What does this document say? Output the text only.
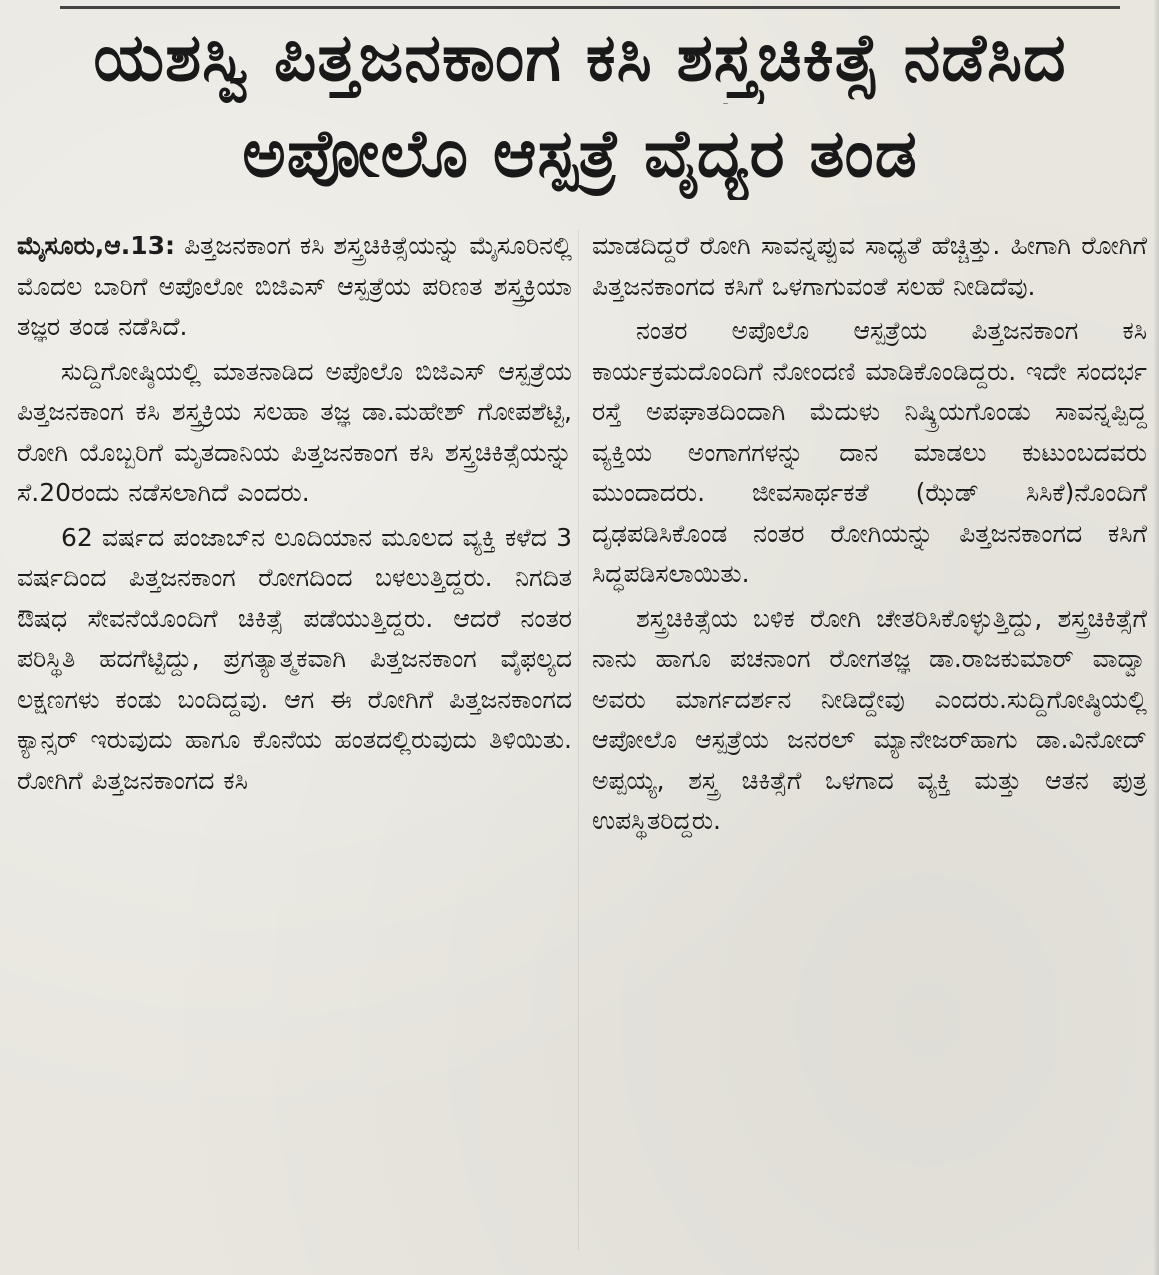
ಯಶಸ್ವಿ ಪಿತ್ತಜನಕಾಂಗ ಕಸಿ ಶಸ್ತ್ರಚಿಕಿತ್ಸೆ ನಡೆಸಿದ
ಅಪೋಲೊ ಆಸ್ಪತ್ರೆ ವೈದ್ಯರ ತಂಡ

ಮೈಸೂರು,ಆ.13: ಪಿತ್ತಜನಕಾಂಗ ಕಸಿ ಶಸ್ತ್ರಚಿಕಿತ್ಸೆಯನ್ನು ಮೈಸೂರಿನಲ್ಲಿ ಮೊದಲ ಬಾರಿಗೆ ಅಪೊಲೋ ಬಿಜಿಎಸ್ ಆಸ್ಪತ್ರೆಯ ಪರಿಣತ ಶಸ್ತ್ರಕ್ರಿಯಾ ತಜ್ಞರ ತಂಡ ನಡೆಸಿದೆ.

ಸುದ್ದಿಗೋಷ್ಠಿಯಲ್ಲಿ ಮಾತನಾಡಿದ ಅಪೊಲೊ ಬಿಜಿಎಸ್ ಆಸ್ಪತ್ರೆಯ ಪಿತ್ತಜನಕಾಂಗ ಕಸಿ ಶಸ್ತ್ರಕ್ರಿಯ ಸಲಹಾ ತಜ್ಞ ಡಾ.ಮಹೇಶ್ ಗೋಪಶೆಟ್ಟಿ, ರೋಗಿ ಯೊಬ್ಬರಿಗೆ ಮೃತದಾನಿಯ ಪಿತ್ತಜನಕಾಂಗ ಕಸಿ ಶಸ್ತ್ರಚಿಕಿತ್ಸೆಯನ್ನು ಸೆ.20ರಂದು ನಡೆಸಲಾಗಿದೆ ಎಂದರು.

62 ವರ್ಷದ ಪಂಜಾಬ್‌ನ ಲೂದಿಯಾನ ಮೂಲದ ವ್ಯಕ್ತಿ ಕಳೆದ 3 ವರ್ಷದಿಂದ ಪಿತ್ತಜನಕಾಂಗ ರೋಗದಿಂದ ಬಳಲುತ್ತಿದ್ದರು. ನಿಗದಿತ ಔಷಧ ಸೇವನೆಯೊಂದಿಗೆ ಚಿಕಿತ್ಸೆ ಪಡೆಯುತ್ತಿದ್ದರು. ಆದರೆ ನಂತರ ಪರಿಸ್ಥಿತಿ ಹದಗೆಟ್ಟಿದ್ದು, ಪ್ರಗತ್ಯಾತ್ಮಕವಾಗಿ ಪಿತ್ತಜನಕಾಂಗ ವೈಫಲ್ಯದ ಲಕ್ಷಣಗಳು ಕಂಡು ಬಂದಿದ್ದವು. ಆಗ ಈ ರೋಗಿಗೆ ಪಿತ್ತಜನಕಾಂಗದ ಕ್ಯಾನ್ಸರ್ ಇರುವುದು ಹಾಗೂ ಕೊನೆಯ ಹಂತದಲ್ಲಿರುವುದು ತಿಳಿಯಿತು. ರೋಗಿಗೆ ಪಿತ್ತಜನಕಾಂಗದ ಕಸಿ

ಮಾಡದಿದ್ದರೆ ರೋಗಿ ಸಾವನ್ನಪ್ಪುವ ಸಾಧ್ಯತೆ ಹೆಚ್ಚಿತ್ತು. ಹೀಗಾಗಿ ರೋಗಿಗೆ ಪಿತ್ತಜನಕಾಂಗದ ಕಸಿಗೆ ಒಳಗಾಗುವಂತೆ ಸಲಹೆ ನೀಡಿದೆವು.

ನಂತರ ಅಪೊಲೊ ಆಸ್ಪತ್ರೆಯ ಪಿತ್ತಜನಕಾಂಗ ಕಸಿ ಕಾರ್ಯಕ್ರಮದೊಂದಿಗೆ ನೋಂದಣಿ ಮಾಡಿಕೊಂಡಿದ್ದರು. ಇದೇ ಸಂದರ್ಭ ರಸ್ತೆ ಅಪಘಾತದಿಂದಾಗಿ ಮೆದುಳು ನಿಷ್ಕ್ರಿಯಗೊಂಡು ಸಾವನ್ನಪ್ಪಿದ್ದ ವ್ಯಕ್ತಿಯ ಅಂಗಾಗಗಳನ್ನು ದಾನ ಮಾಡಲು ಕುಟುಂಬದವರು ಮುಂದಾದರು. ಜೀವಸಾರ್ಥಕತೆ (ಝೆಡ್ ಸಿಸಿಕೆ)ನೊಂದಿಗೆ ದೃಢಪಡಿಸಿಕೊಂಡ ನಂತರ ರೋಗಿಯನ್ನು ಪಿತ್ತಜನಕಾಂಗದ ಕಸಿಗೆ ಸಿದ್ಧಪಡಿಸಲಾಯಿತು.

ಶಸ್ತ್ರಚಿಕಿತ್ಸೆಯ ಬಳಿಕ ರೋಗಿ ಚೇತರಿಸಿಕೊಳ್ಳುತ್ತಿದ್ದು, ಶಸ್ತ್ರಚಿಕಿತ್ಸೆಗೆ ನಾನು ಹಾಗೂ ಪಚನಾಂಗ ರೋಗತಜ್ಞ ಡಾ.ರಾಜಕುಮಾರ್ ವಾದ್ವಾ ಅವರು ಮಾರ್ಗದರ್ಶನ ನೀಡಿದ್ದೇವು ಎಂದರು.ಸುದ್ದಿಗೋಷ್ಠಿಯಲ್ಲಿ ಆಪೋಲೊ ಆಸ್ಪತ್ರೆಯ ಜನರಲ್ ಮ್ಯಾನೇಜರ್‌ಹಾಗು ಡಾ.ವಿನೋದ್ ಅಪ್ಪಯ್ಯ, ಶಸ್ತ್ರ ಚಿಕಿತ್ಸೆಗೆ ಒಳಗಾದ ವ್ಯಕ್ತಿ ಮತ್ತು ಆತನ ಪುತ್ರ ಉಪಸ್ಥಿತರಿದ್ದರು.
